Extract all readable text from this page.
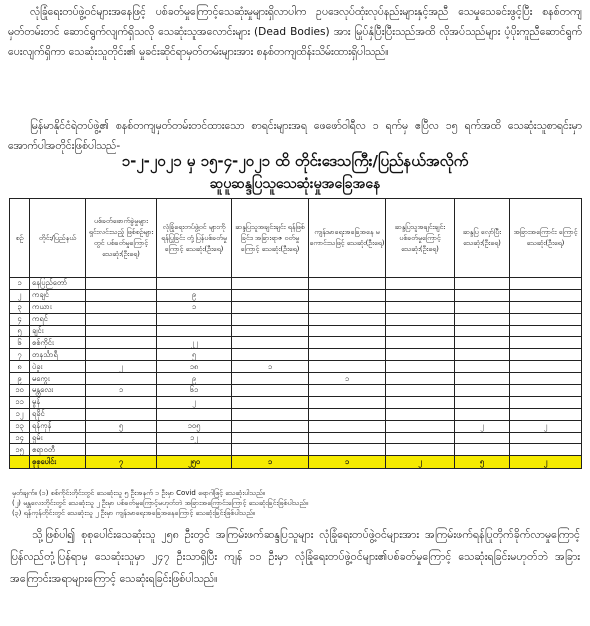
လုံခြုံရေးတပ်ဖွဲ့ဝင်များအနေဖြင့် ပစ်ခတ်မှုကြောင့်သေဆုံးမှုများရှိလာပါက ဥပဒေလုပ်ထုံးလုပ်နည်းများနှင့်အညီ သေမှုသေခင်းဖွင့်ပြီး စနစ်တကျမှတ်တမ်းတင် ဆောင်ရွက်လျက်ရှိသလို သေဆုံးသူအလောင်းများ (Dead Bodies) အား မြုပ်နှံပြီးပြီးသည်အထိ လိုအပ်သည်များ ပံ့ပိုးကူညီဆောင်ရွက်ပေးလျက်ရှိကာ သေဆုံးသူတိုင်း၏ မှုခင်းဆိုင်ရာမှတ်တမ်းများအား စနစ်တကျထိန်းသိမ်းထားရှိပါသည်။
မြန်မာနိုင်ငံရဲတပ်ဖွဲ့၏ စနစ်တကျမှတ်တမ်းတင်ထားသော စာရင်းများအရ ဖေဖော်ဝါရီလ ၁ ရက်မှ ဧပြီလ ၁၅ ရက်အထိ သေဆုံးသူစာရင်းမှာ အောက်ပါအတိုင်းဖြစ်ပါသည်-
၁-၂-၂၀၂၁ မှ ၁၅-၄-၂၀၂၁ ထိ တိုင်းဒေသကြီး/ပြည်နယ်အလိုက်
ဆူပူဆန္ဒပြသူသေဆုံးမှုအခြေအနေ
စဉ်	တိုင်း/ပြည်နယ်	ပစ်ခတ်ဖောက်ခွဲမှုများ ရှင်းလင်းသည့် ဖြစ်စဉ်များတွင် ပစ်ခတ်မှုကြောင့် သေဆုံး(ဦးရေ)	လုံခြုံရေးတပ်ဖွဲ့ဝင် များကိုရန်ပြုခြင်း တုံ့ပြန်ပစ်ခတ်မှု ကြောင့် သေဆုံး(ဦးရေ)	ဆန္ဒပြသူအချင်းချင်း ရန်ဖြစ်ခြင်း၊ အခြားရာဇ ဝတ်မှုကြောင့် သေဆုံး(ဦးရေ)	ကျန်းမာရေးအခြေအနေ မကောင်းသဖြင့် သေဆုံး(ဦးရေ)	ဆန္ဒပြသူအချင်းချင်း ပစ်ခတ်မှုကြောင့် သေဆုံး(ဦးရေ)	ဆန္ဒပြ လှော်ပြီး သေဆုံး(ဦးရေ)	အခြားအကြောင်း ကြောင့် သေဆုံး(ဦးရေ)
၁	နေပြည်တော်							
၂	ကချင်		၉					
၃	ကယား		၁					
၄	ကရင်							
၅	ချင်း							
၆	စစ်ကိုင်း		၂၂					
၇	တနင်္သာရီ		၅					
၈	ပဲခူး	၂	၁၈	၁				
၉	မကွေး		၉		၁			
၁၀	မန္တလေး	၁	၆၁					
၁၁	မွန်		၂					
၁၂	ရခိုင်							
၁၃	ရန်ကုန်	၅	၁၀၅				၂	၂
၁၄	ရှမ်း		၁၂					
၁၅	ဧရာဝတီ							
	စုစုပေါင်း	၇	၂၅၀	၁	၁	၂	၅	၂
မှတ်ချက်။ (၁) စစ်ကိုင်းတိုင်းတွင် သေဆုံးသူ ၅ ဦးအနက် ၁ ဦးမှာ Covid ရောဂါဖြင့် သေဆုံးပါသည်။
(၂) မန္တလေးတိုင်းတွင် သေဆုံးသူ ၂ ဦးမှာ ပစ်ခတ်မှုကြောင့်မဟုတ်ဘဲ အခြားအကြောင်းကြောင့် သေဆုံးခြင်းဖြစ်ပါသည်။
(၃) ရန်ကုန်တိုင်းတွင် သေဆုံးသူ ၂ ဦးမှာ ကျန်းမာရေးအခြေအနေကြောင့် သေဆုံးခြင်းဖြစ်ပါသည်။
သို့ဖြစ်ပါ၍ စုစုပေါင်းသေဆုံးသူ ၂၅၈ ဦးတွင် အကြမ်းဖက်ဆန္ဒပြသူများ လုံခြုံရေးတပ်ဖွဲ့ဝင်များအား အကြမ်းဖက်ရန်ပြုတိုက်ခိုက်လာမှုကြောင့် ပြန်လည်တုံ့ပြန်ရာမှ သေဆုံးသူမှာ ၂၄၇ ဦးသာရှိပြီး ကျန် ၁၁ ဦးမှာ လုံခြုံရေးတပ်ဖွဲ့ဝင်များ၏ပစ်ခတ်မှုကြောင့် သေဆုံးရခြင်းမဟုတ်ဘဲ အခြားအကြောင်းအရာများကြောင့် သေဆုံးရခြင်းဖြစ်ပါသည်။
